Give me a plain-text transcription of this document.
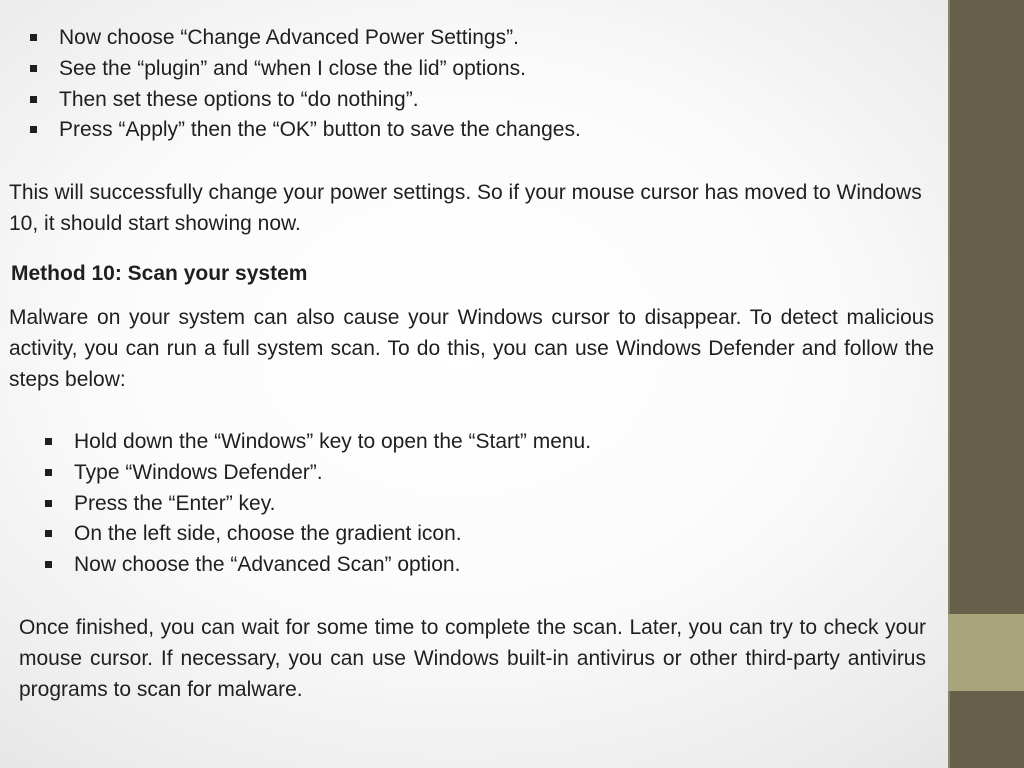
Now choose “Change Advanced Power Settings”.
See the “plugin” and “when I close the lid” options.
Then set these options to “do nothing”.
Press “Apply” then the “OK” button to save the changes.

This will successfully change your power settings. So if your mouse cursor has moved to Windows 10, it should start showing now.

Method 10: Scan your system

Malware on your system can also cause your Windows cursor to disappear. To detect malicious activity, you can run a full system scan. To do this, you can use Windows Defender and follow the steps below:

Hold down the “Windows” key to open the “Start” menu.
Type “Windows Defender”.
Press the “Enter” key.
On the left side, choose the gradient icon.
Now choose the “Advanced Scan” option.

Once finished, you can wait for some time to complete the scan. Later, you can try to check your mouse cursor. If necessary, you can use Windows built-in antivirus or other third-party antivirus programs to scan for malware.
